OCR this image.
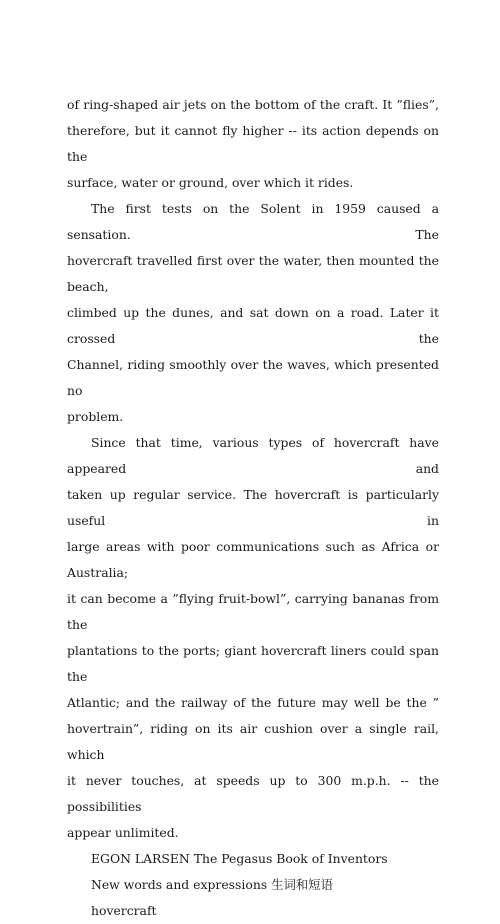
of ring-shaped air jets on the bottom of the craft. It ”flies”,
therefore, but it cannot fly higher -- its action depends on the
surface, water or ground, over which it rides.
The first tests on the Solent in 1959 caused a sensation. The
hovercraft travelled first over the water, then mounted the beach,
climbed up the dunes, and sat down on a road. Later it crossed the
Channel, riding smoothly over the waves, which presented no
problem.
Since that time, various types of hovercraft have appeared and
taken up regular service. The hovercraft is particularly useful in
large areas with poor communications such as Africa or Australia;
it can become a ”flying fruit-bowl”, carrying bananas from the
plantations to the ports; giant hovercraft liners could span the
Atlantic; and the railway of the future may well be the ”
hovertrain”, riding on its air cushion over a single rail, which
it never touches, at speeds up to 300 m.p.h. -- the possibilities
appear unlimited.

EGON LARSEN The Pegasus Book of Inventors

New words and expressions 生词和短语

hovercraft
